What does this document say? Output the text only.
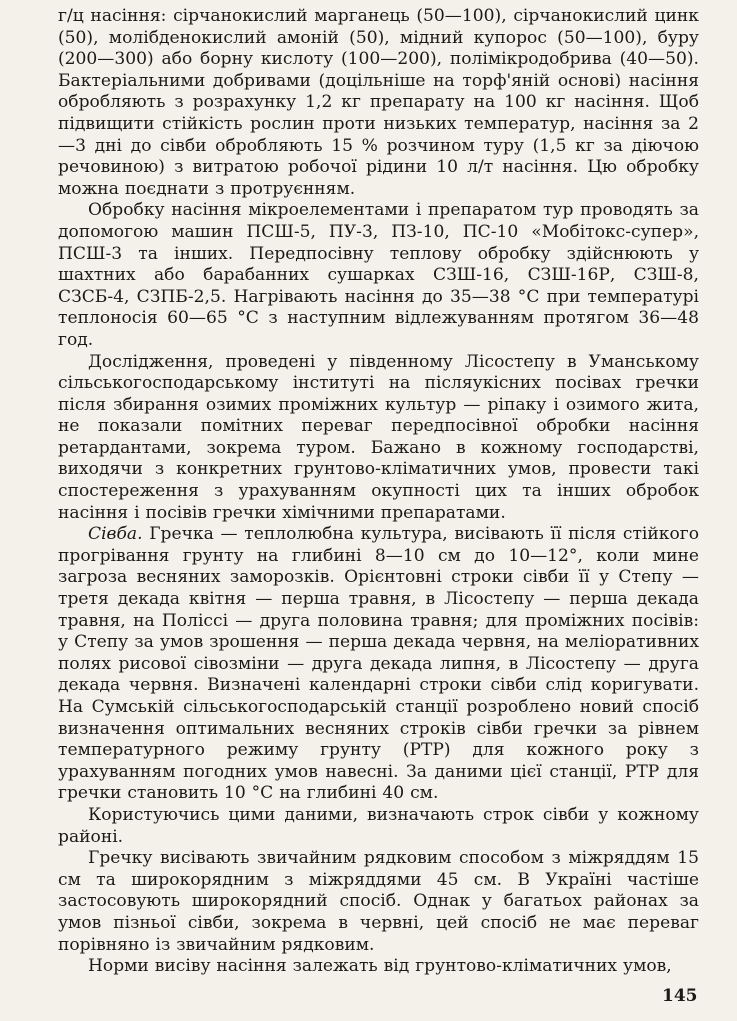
г/ц насіння: сірчанокислий марганець (50—100), сірчанокислий цинк (50), молібденокислий амоній (50), мідний купорос (50—100), буру (200—300) або борну кислоту (100—200), полімікродобрива (40—50). Бактеріальними добривами (доцільніше на торф'яній основі) насіння обробляють з розрахунку 1,2 кг препарату на 100 кг насіння. Щоб підвищити стійкість рослин проти низьких температур, насіння за 2—3 дні до сівби обробляють 15 % розчином туру (1,5 кг за діючою речовиною) з витратою робочої рідини 10 л/т насіння. Цю обробку можна поєднати з протруєнням.

Обробку насіння мікроелементами і препаратом тур проводять за допомогою машин ПСШ-5, ПУ-3, ПЗ-10, ПС-10 «Мобітокс-супер», ПСШ-3 та інших. Передпосівну теплову обробку здійснюють у шахтних або барабанних сушарках СЗШ-16, СЗШ-16Р, СЗШ-8, СЗСБ-4, СЗПБ-2,5. Нагрівають насіння до 35—38 °С при температурі теплоносія 60—65 °С з наступним відлежуванням протягом 36—48 год.

Дослідження, проведені у південному Лісостепу в Уманському сільськогосподарському інституті на післяукісних посівах гречки після збирання озимих проміжних культур — ріпаку і озимого жита, не показали помітних переваг передпосівної обробки насіння ретардантами, зокрема туром. Бажано в кожному господарстві, виходячи з конкретних грунтово-кліматичних умов, провести такі спостереження з урахуванням окупності цих та інших обробок насіння і посівів гречки хімічними препаратами.

Сівба. Гречка — теплолюбна культура, висівають її після стійкого прогрівання грунту на глибині 8—10 см до 10—12°, коли мине загроза весняних заморозків. Орієнтовні строки сівби її у Степу — третя декада квітня — перша травня, в Лісостепу — перша декада травня, на Поліссі — друга половина травня; для проміжних посівів: у Степу за умов зрошення — перша декада червня, на меліоративних полях рисової сівозміни — друга декада липня, в Лісостепу — друга декада червня. Визначені календарні строки сівби слід коригувати. На Сумській сільськогосподарській станції розроблено новий спосіб визначення оптимальних весняних строків сівби гречки за рівнем температурного режиму грунту (РТР) для кожного року з урахуванням погодних умов навесні. За даними цієї станції, РТР для гречки становить 10 °С на глибині 40 см.

Користуючись цими даними, визначають строк сівби у кожному районі.

Гречку висівають звичайним рядковим способом з міжряддям 15 см та широкорядним з міжряддями 45 см. В Україні частіше застосовують широкорядний спосіб. Однак у багатьох районах за умов пізньої сівби, зокрема в червні, цей спосіб не має переваг порівняно із звичайним рядковим.

Норми висіву насіння залежать від грунтово-кліматичних умов,

145
